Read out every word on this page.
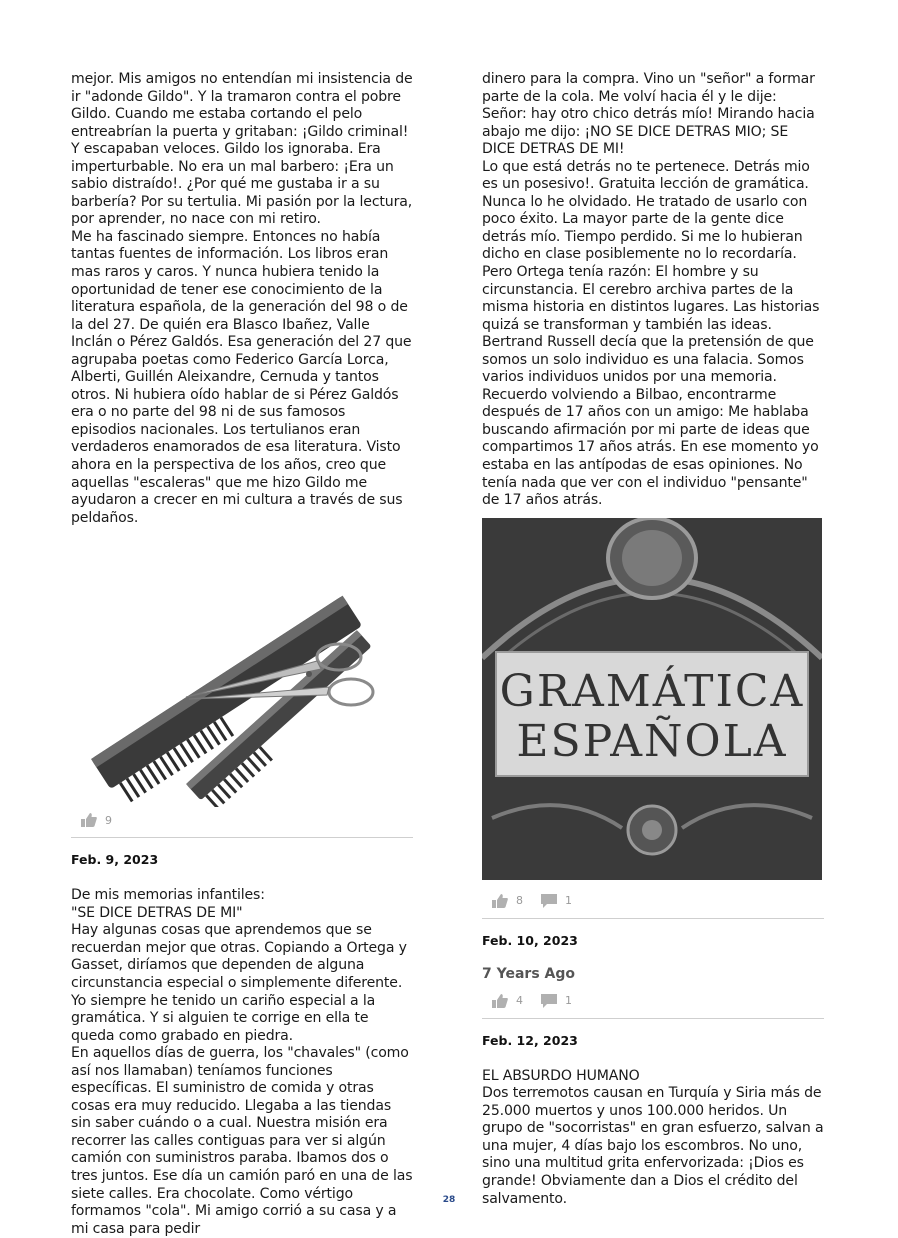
mejor. Mis amigos no entendían mi insistencia de ir "adonde Gildo". Y la tramaron contra el pobre Gildo. Cuando me estaba cortando el pelo entreabrían la puerta y gritaban: ¡Gildo criminal! Y escapaban veloces. Gildo los ignoraba. Era imperturbable. No era un mal barbero: ¡Era un sabio distraído!. ¿Por qué me gustaba ir a su barbería? Por su tertulia. Mi pasión por la lectura, por aprender, no nace con mi retiro.

Me ha fascinado siempre. Entonces no había tantas fuentes de información. Los libros eran mas raros y caros. Y nunca hubiera tenido la oportunidad de tener ese conocimiento de la literatura española, de la generación del 98 o de la del 27. De quién era Blasco Ibañez, Valle Inclán o Pérez Galdós. Esa generación del 27 que agrupaba poetas como Federico García Lorca, Alberti, Guillén Aleixandre, Cernuda y tantos otros. Ni hubiera oído hablar de si Pérez Galdós era o no parte del 98 ni de sus famosos episodios nacionales. Los tertulianos eran verdaderos enamorados de esa literatura. Visto ahora en la perspectiva de los años, creo que aquellas "escaleras" que me hizo Gildo me ayudaron a crecer en mi cultura a través de sus peldaños.

9
Feb. 9, 2023

De mis memorias infantiles:

"SE DICE DETRAS DE MI"

Hay algunas cosas que aprendemos que se recuerdan mejor que otras. Copiando a Ortega y Gasset, diríamos que dependen de alguna circunstancia especial o simplemente diferente. Yo siempre he tenido un cariño especial a la gramática. Y si alguien te corrige en ella te queda como grabado en piedra.

En aquellos días de guerra, los "chavales" (como así nos llamaban) teníamos funciones específicas. El suministro de comida y otras cosas era muy reducido. Llegaba a las tiendas sin saber cuándo o a cual. Nuestra misión era recorrer las calles contiguas para ver si algún camión con suministros paraba. Ibamos dos o tres juntos. Ese día un camión paró en una de las siete calles. Era chocolate. Como vértigo formamos "cola". Mi amigo corrió a su casa y a mi casa para pedir

dinero para la compra. Vino un "señor" a formar parte de la cola. Me volví hacia él y le dije: Señor: hay otro chico detrás mío! Mirando hacia abajo me dijo: ¡NO SE DICE DETRAS MIO; SE DICE DETRAS DE MI!

Lo que está detrás no te pertenece. Detrás mio es un posesivo!. Gratuita lección de gramática. Nunca lo he olvidado. He tratado de usarlo con poco éxito. La mayor parte de la gente dice detrás mío. Tiempo perdido. Si me lo hubieran dicho en clase posiblemente no lo recordaría. Pero Ortega tenía razón: El hombre y su circunstancia. El cerebro archiva partes de la misma historia en distintos lugares. Las historias quizá se transforman y también las ideas. Bertrand Russell decía que la pretensión de que somos un solo individuo es una falacia. Somos varios individuos unidos por una memoria. Recuerdo volviendo a Bilbao, encontrarme después de 17 años con un amigo: Me hablaba buscando afirmación por mi parte de ideas que compartimos 17 años atrás. En ese momento yo estaba en las antípodas de esas opiniones. No tenía nada que ver con el individuo "pensante" de 17 años atrás.

GRAMÁTICA
ESPAÑOLA
8	1
Feb. 10, 2023
7 Years Ago
4	1
Feb. 12, 2023

EL ABSURDO HUMANO

Dos terremotos causan en Turquía y Siria más de 25.000 muertos y unos 100.000 heridos. Un grupo de "socorristas" en gran esfuerzo, salvan a una mujer, 4 días bajo los escombros. No uno, sino una multitud grita enfervorizada: ¡Dios es grande! Obviamente dan a Dios el crédito del salvamento.

28
